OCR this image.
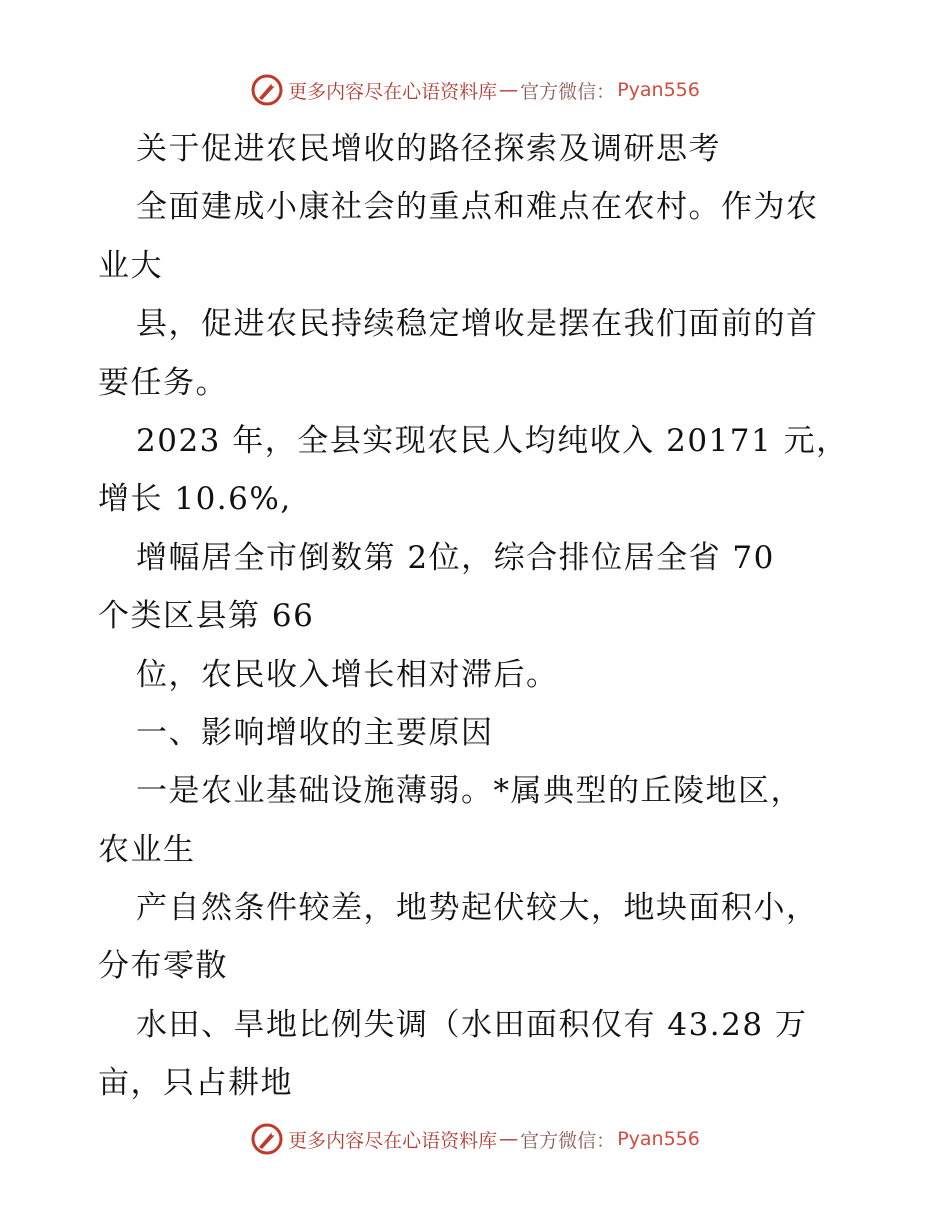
更多内容尽在心语资料库 — 官方微信： Pyan556
关于促进农民增收的路径探索及调研思考
全面建成小康社会的重点和难点在农村。作为农
业大
县，促进农民持续稳定增收是摆在我们面前的首
要任务。
2023 年，全县实现农民人均纯收入 20171 元，
增长 10.6%,
增幅居全市倒数第 2位，综合排位居全省 70
个类区县第 66
位，农民收入增长相对滞后。
一、影响增收的主要原因
一是农业基础设施薄弱。*属典型的丘陵地区，
农业生
产自然条件较差，地势起伏较大，地块面积小，
分布零散
水田、旱地比例失调（水田面积仅有 43.28 万
亩，只占耕地
更多内容尽在心语资料库 — 官方微信： Pyan556
